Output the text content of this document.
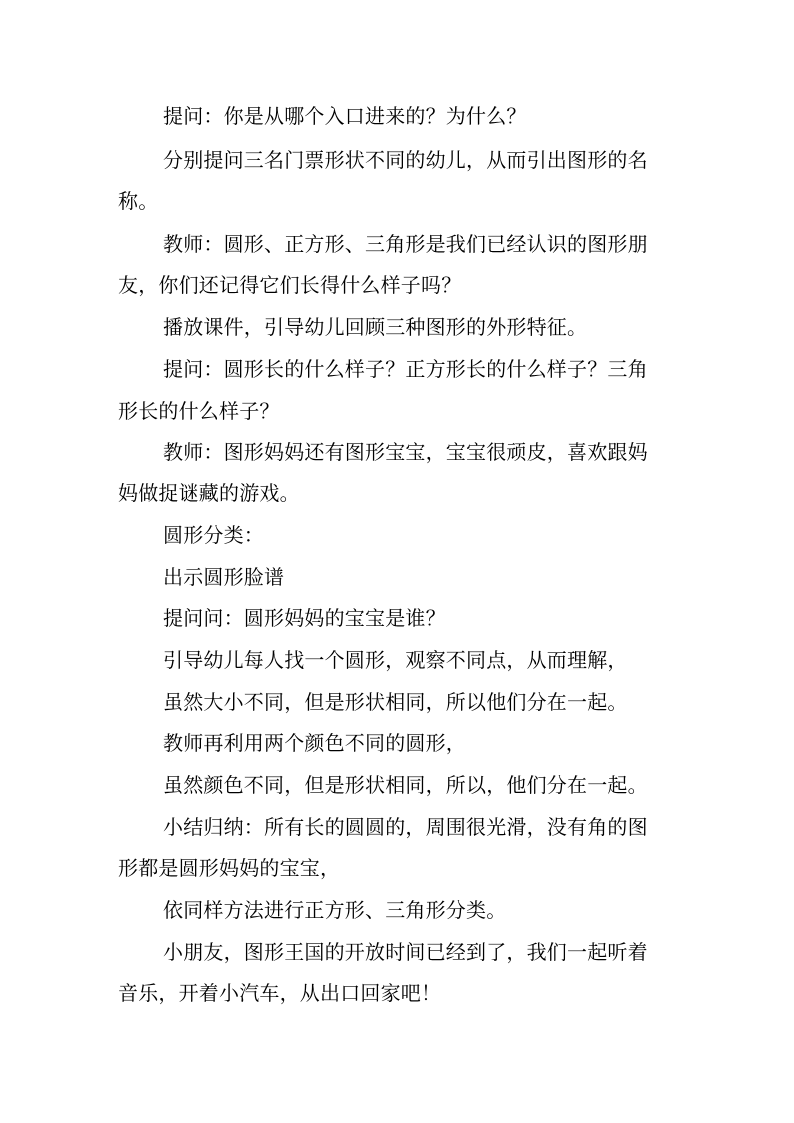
提问：你是从哪个入口进来的？为什么？
分别提问三名门票形状不同的幼儿，从而引出图形的名
称。
教师：圆形、正方形、三角形是我们已经认识的图形朋
友，你们还记得它们长得什么样子吗？
播放课件，引导幼儿回顾三种图形的外形特征。
提问：圆形长的什么样子？正方形长的什么样子？三角
形长的什么样子？
教师：图形妈妈还有图形宝宝，宝宝很顽皮，喜欢跟妈
妈做捉谜藏的游戏。
圆形分类：
出示圆形脸谱
提问问：圆形妈妈的宝宝是谁？
引导幼儿每人找一个圆形，观察不同点，从而理解，
虽然大小不同，但是形状相同，所以他们分在一起。
教师再利用两个颜色不同的圆形，
虽然颜色不同，但是形状相同，所以，他们分在一起。
小结归纳：所有长的圆圆的，周围很光滑，没有角的图
形都是圆形妈妈的宝宝，
依同样方法进行正方形、三角形分类。
小朋友，图形王国的开放时间已经到了，我们一起听着
音乐，开着小汽车，从出口回家吧！
